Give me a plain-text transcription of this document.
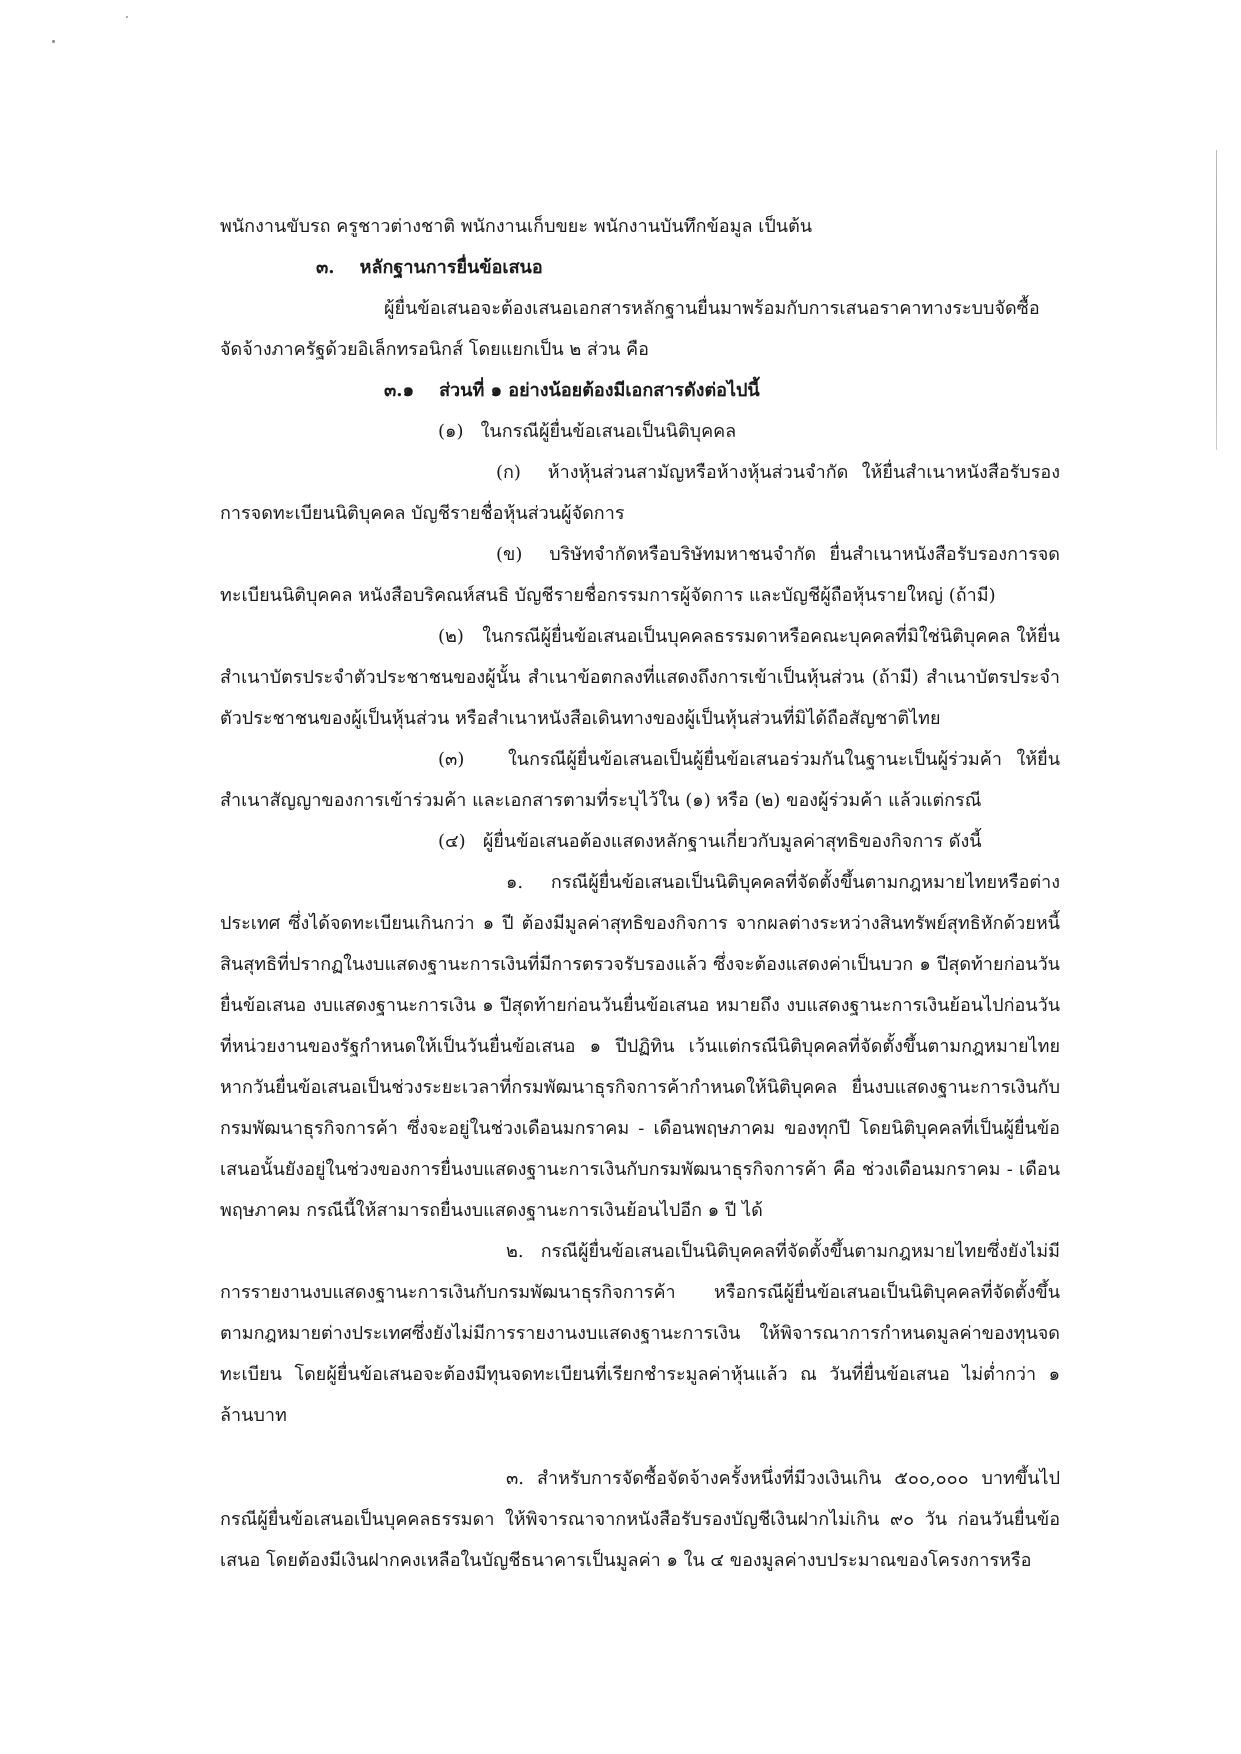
พนักงานขับรถ ครูชาวต่างชาติ พนักงานเก็บขยะ พนักงานบันทึกข้อมูล เป็นต้น

๓.    หลักฐานการยื่นข้อเสนอ

ผู้ยื่นข้อเสนอจะต้องเสนอเอกสารหลักฐานยื่นมาพร้อมกับการเสนอราคาทางระบบจัดซื้อจัดจ้างภาครัฐด้วยอิเล็กทรอนิกส์ โดยแยกเป็น ๒ ส่วน คือ

๓.๑    ส่วนที่ ๑ อย่างน้อยต้องมีเอกสารดังต่อไปนี้

(๑)   ในกรณีผู้ยื่นข้อเสนอเป็นนิติบุคคล

(ก)  ห้างหุ้นส่วนสามัญหรือห้างหุ้นส่วนจำกัด ให้ยื่นสำเนาหนังสือรับรองการจดทะเบียนนิติบุคคล บัญชีรายชื่อหุ้นส่วนผู้จัดการ

(ข)  บริษัทจำกัดหรือบริษัทมหาชนจำกัด ยื่นสำเนาหนังสือรับรองการจดทะเบียนนิติบุคคล หนังสือบริคณห์สนธิ บัญชีรายชื่อกรรมการผู้จัดการ และบัญชีผู้ถือหุ้นรายใหญ่ (ถ้ามี)

(๒)   ในกรณีผู้ยื่นข้อเสนอเป็นบุคคลธรรมดาหรือคณะบุคคลที่มิใช่นิติบุคคล ให้ยื่นสำเนาบัตรประจำตัวประชาชนของผู้นั้น สำเนาข้อตกลงที่แสดงถึงการเข้าเป็นหุ้นส่วน (ถ้ามี) สำเนาบัตรประจำตัวประชาชนของผู้เป็นหุ้นส่วน หรือสำเนาหนังสือเดินทางของผู้เป็นหุ้นส่วนที่มิได้ถือสัญชาติไทย

(๓)   ในกรณีผู้ยื่นข้อเสนอเป็นผู้ยื่นข้อเสนอร่วมกันในฐานะเป็นผู้ร่วมค้า ให้ยื่นสำเนาสัญญาของการเข้าร่วมค้า และเอกสารตามที่ระบุไว้ใน (๑) หรือ (๒) ของผู้ร่วมค้า แล้วแต่กรณี

(๔)   ผู้ยื่นข้อเสนอต้องแสดงหลักฐานเกี่ยวกับมูลค่าสุทธิของกิจการ ดังนี้

๑. กรณีผู้ยื่นข้อเสนอเป็นนิติบุคคลที่จัดตั้งขึ้นตามกฎหมายไทยหรือต่างประเทศ ซึ่งได้จดทะเบียนเกินกว่า ๑ ปี ต้องมีมูลค่าสุทธิของกิจการ จากผลต่างระหว่างสินทรัพย์สุทธิหักด้วยหนี้สินสุทธิที่ปรากฏในงบแสดงฐานะการเงินที่มีการตรวจรับรองแล้ว ซึ่งจะต้องแสดงค่าเป็นบวก ๑ ปีสุดท้ายก่อนวันยื่นข้อเสนอ งบแสดงฐานะการเงิน ๑ ปีสุดท้ายก่อนวันยื่นข้อเสนอ หมายถึง งบแสดงฐานะการเงินย้อนไปก่อนวันที่หน่วยงานของรัฐกำหนดให้เป็นวันยื่นข้อเสนอ ๑ ปีปฏิทิน เว้นแต่กรณีนิติบุคคลที่จัดตั้งขึ้นตามกฎหมายไทย หากวันยื่นข้อเสนอเป็นช่วงระยะเวลาที่กรมพัฒนาธุรกิจการค้ากำหนดให้นิติบุคคล ยื่นงบแสดงฐานะการเงินกับกรมพัฒนาธุรกิจการค้า ซึ่งจะอยู่ในช่วงเดือนมกราคม - เดือนพฤษภาคม ของทุกปี โดยนิติบุคคลที่เป็นผู้ยื่นข้อเสนอนั้นยังอยู่ในช่วงของการยื่นงบแสดงฐานะการเงินกับกรมพัฒนาธุรกิจการค้า คือ ช่วงเดือนมกราคม - เดือนพฤษภาคม กรณีนี้ให้สามารถยื่นงบแสดงฐานะการเงินย้อนไปอีก ๑ ปี ได้

๒. กรณีผู้ยื่นข้อเสนอเป็นนิติบุคคลที่จัดตั้งขึ้นตามกฎหมายไทยซึ่งยังไม่มีการรายงานงบแสดงฐานะการเงินกับกรมพัฒนาธุรกิจการค้า หรือกรณีผู้ยื่นข้อเสนอเป็นนิติบุคคลที่จัดตั้งขึ้นตามกฎหมายต่างประเทศซึ่งยังไม่มีการรายงานงบแสดงฐานะการเงิน ให้พิจารณาการกำหนดมูลค่าของทุนจดทะเบียน โดยผู้ยื่นข้อเสนอจะต้องมีทุนจดทะเบียนที่เรียกชำระมูลค่าหุ้นแล้ว ณ วันที่ยื่นข้อเสนอ ไม่ต่ำกว่า ๑ ล้านบาท

๓. สำหรับการจัดซื้อจัดจ้างครั้งหนึ่งที่มีวงเงินเกิน ๕๐๐,๐๐๐ บาทขึ้นไป กรณีผู้ยื่นข้อเสนอเป็นบุคคลธรรมดา ให้พิจารณาจากหนังสือรับรองบัญชีเงินฝากไม่เกิน ๙๐ วัน ก่อนวันยื่นข้อเสนอ โดยต้องมีเงินฝากคงเหลือในบัญชีธนาคารเป็นมูลค่า ๑ ใน ๔ ของมูลค่างบประมาณของโครงการหรือ
